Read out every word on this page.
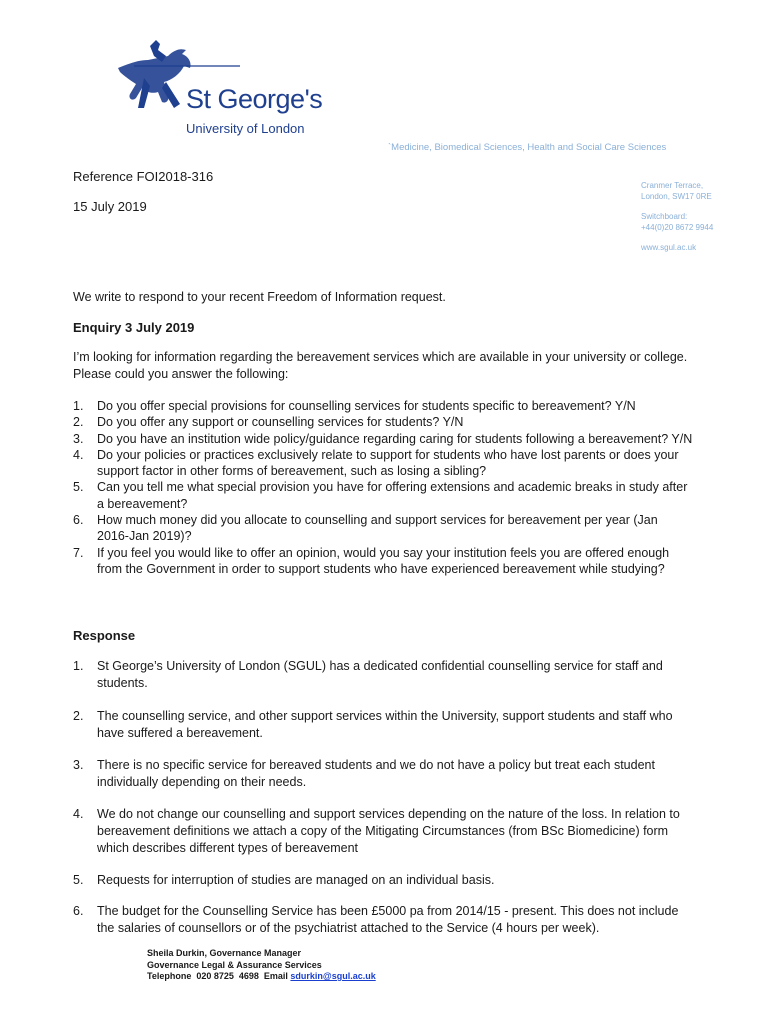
St George's
University of London
`Medicine, Biomedical Sciences, Health and Social Care Sciences
Cranmer Terrace,
London, SW17 0RE
Switchboard:
+44(0)20 8672 9944
www.sgul.ac.uk
Reference FOI2018-316
15 July 2019
We write to respond to your recent Freedom of Information request.
Enquiry 3 July 2019
I’m looking for information regarding the bereavement services which are available in your university or college. Please could you answer the following:
1. Do you offer special provisions for counselling services for students specific to bereavement? Y/N
2. Do you offer any support or counselling services for students? Y/N
3. Do you have an institution wide policy/guidance regarding caring for students following a bereavement? Y/N
4. Do your policies or practices exclusively relate to support for students who have lost parents or does your support factor in other forms of bereavement, such as losing a sibling?
5. Can you tell me what special provision you have for offering extensions and academic breaks in study after a bereavement?
6. How much money did you allocate to counselling and support services for bereavement per year (Jan 2016-Jan 2019)?
7. If you feel you would like to offer an opinion, would you say your institution feels you are offered enough from the Government in order to support students who have experienced bereavement while studying?
Response
1. St George’s University of London (SGUL) has a dedicated confidential counselling service for staff and students.
2. The counselling service, and other support services within the University, support students and staff who have suffered a bereavement.
3. There is no specific service for bereaved students and we do not have a policy but treat each student individually depending on their needs.
4. We do not change our counselling and support services depending on the nature of the loss. In relation to bereavement definitions we attach a copy of the Mitigating Circumstances (from BSc Biomedicine) form which describes different types of bereavement
5. Requests for interruption of studies are managed on an individual basis.
6. The budget for the Counselling Service has been £5000 pa from 2014/15 - present. This does not include the salaries of counsellors or of the psychiatrist attached to the Service (4 hours per week).
Sheila Durkin, Governance Manager
Governance Legal & Assurance Services
Telephone  020 8725  4698  Email sdurkin@sgul.ac.uk
